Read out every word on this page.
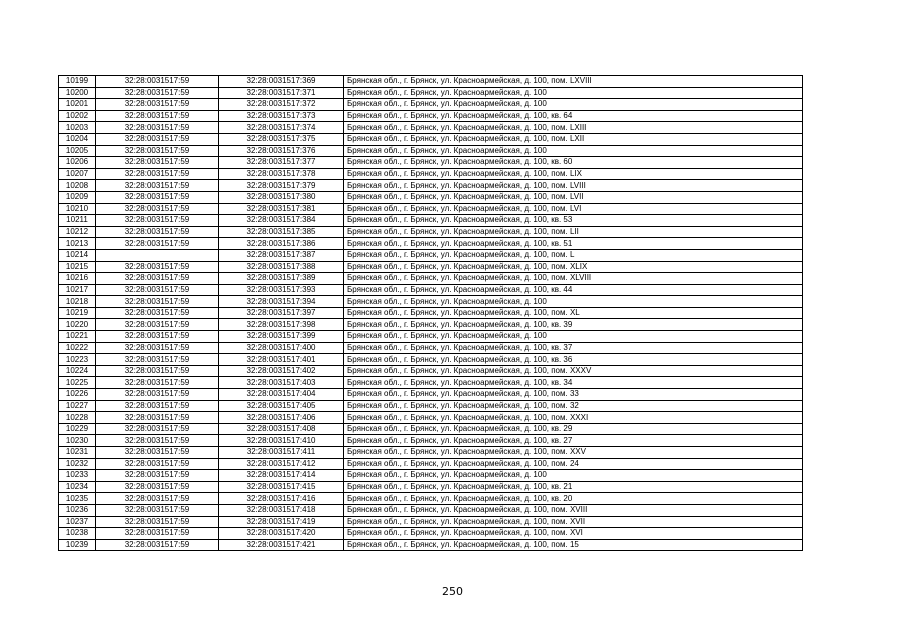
10199	32:28:0031517:59	32:28:0031517:369	Брянская обл., г. Брянск, ул. Красноармейская, д. 100, пом. LXVIII
10200	32:28:0031517:59	32:28:0031517:371	Брянская обл., г. Брянск, ул. Красноармейская, д. 100
10201	32:28:0031517:59	32:28:0031517:372	Брянская обл., г. Брянск, ул. Красноармейская, д. 100
10202	32:28:0031517:59	32:28:0031517:373	Брянская обл., г. Брянск, ул. Красноармейская, д. 100, кв. 64
10203	32:28:0031517:59	32:28:0031517:374	Брянская обл., г. Брянск, ул. Красноармейская, д. 100, пом. LXIII
10204	32:28:0031517:59	32:28:0031517:375	Брянская обл., г. Брянск, ул. Красноармейская, д. 100, пом. LXII
10205	32:28:0031517:59	32:28:0031517:376	Брянская обл., г. Брянск, ул. Красноармейская, д. 100
10206	32:28:0031517:59	32:28:0031517:377	Брянская обл., г. Брянск, ул. Красноармейская, д. 100, кв. 60
10207	32:28:0031517:59	32:28:0031517:378	Брянская обл., г. Брянск, ул. Красноармейская, д. 100, пом. LIX
10208	32:28:0031517:59	32:28:0031517:379	Брянская обл., г. Брянск, ул. Красноармейская, д. 100, пом. LVIII
10209	32:28:0031517:59	32:28:0031517:380	Брянская обл., г. Брянск, ул. Красноармейская, д. 100, пом. LVII
10210	32:28:0031517:59	32:28:0031517:381	Брянская обл., г. Брянск, ул. Красноармейская, д. 100, пом. LVI
10211	32:28:0031517:59	32:28:0031517:384	Брянская обл., г. Брянск, ул. Красноармейская, д. 100, кв. 53
10212	32:28:0031517:59	32:28:0031517:385	Брянская обл., г. Брянск, ул. Красноармейская, д. 100, пом. LII
10213	32:28:0031517:59	32:28:0031517:386	Брянская обл., г. Брянск, ул. Красноармейская, д. 100, кв. 51
10214		32:28:0031517:387	Брянская обл., г. Брянск, ул. Красноармейская, д. 100, пом. L
10215	32:28:0031517:59	32:28:0031517:388	Брянская обл., г. Брянск, ул. Красноармейская, д. 100, пом. XLIX
10216	32:28:0031517:59	32:28:0031517:389	Брянская обл., г. Брянск, ул. Красноармейская, д. 100, пом. XLVIII
10217	32:28:0031517:59	32:28:0031517:393	Брянская обл., г. Брянск, ул. Красноармейская, д. 100, кв. 44
10218	32:28:0031517:59	32:28:0031517:394	Брянская обл., г. Брянск, ул. Красноармейская, д. 100
10219	32:28:0031517:59	32:28:0031517:397	Брянская обл., г. Брянск, ул. Красноармейская, д. 100, пом. XL
10220	32:28:0031517:59	32:28:0031517:398	Брянская обл., г. Брянск, ул. Красноармейская, д. 100, кв. 39
10221	32:28:0031517:59	32:28:0031517:399	Брянская обл., г. Брянск, ул. Красноармейская, д. 100
10222	32:28:0031517:59	32:28:0031517:400	Брянская обл., г. Брянск, ул. Красноармейская, д. 100, кв. 37
10223	32:28:0031517:59	32:28:0031517:401	Брянская обл., г. Брянск, ул. Красноармейская, д. 100, кв. 36
10224	32:28:0031517:59	32:28:0031517:402	Брянская обл., г. Брянск, ул. Красноармейская, д. 100, пом. XXXV
10225	32:28:0031517:59	32:28:0031517:403	Брянская обл., г. Брянск, ул. Красноармейская, д. 100, кв. 34
10226	32:28:0031517:59	32:28:0031517:404	Брянская обл., г. Брянск, ул. Красноармейская, д. 100, пом. 33
10227	32:28:0031517:59	32:28:0031517:405	Брянская обл., г. Брянск, ул. Красноармейская, д. 100, пом. 32
10228	32:28:0031517:59	32:28:0031517:406	Брянская обл., г. Брянск, ул. Красноармейская, д. 100, пом. XXXI
10229	32:28:0031517:59	32:28:0031517:408	Брянская обл., г. Брянск, ул. Красноармейская, д. 100, кв. 29
10230	32:28:0031517:59	32:28:0031517:410	Брянская обл., г. Брянск, ул. Красноармейская, д. 100, кв. 27
10231	32:28:0031517:59	32:28:0031517:411	Брянская обл., г. Брянск, ул. Красноармейская, д. 100, пом. XXV
10232	32:28:0031517:59	32:28:0031517:412	Брянская обл., г. Брянск, ул. Красноармейская, д. 100, пом. 24
10233	32:28:0031517:59	32:28:0031517:414	Брянская обл., г. Брянск, ул. Красноармейская, д. 100
10234	32:28:0031517:59	32:28:0031517:415	Брянская обл., г. Брянск, ул. Красноармейская, д. 100, кв. 21
10235	32:28:0031517:59	32:28:0031517:416	Брянская обл., г. Брянск, ул. Красноармейская, д. 100, кв. 20
10236	32:28:0031517:59	32:28:0031517:418	Брянская обл., г. Брянск, ул. Красноармейская, д. 100, пом. XVIII
10237	32:28:0031517:59	32:28:0031517:419	Брянская обл., г. Брянск, ул. Красноармейская, д. 100, пом. XVII
10238	32:28:0031517:59	32:28:0031517:420	Брянская обл., г. Брянск, ул. Красноармейская, д. 100, пом. XVI
10239	32:28:0031517:59	32:28:0031517:421	Брянская обл., г. Брянск, ул. Красноармейская, д. 100, пом. 15
250
